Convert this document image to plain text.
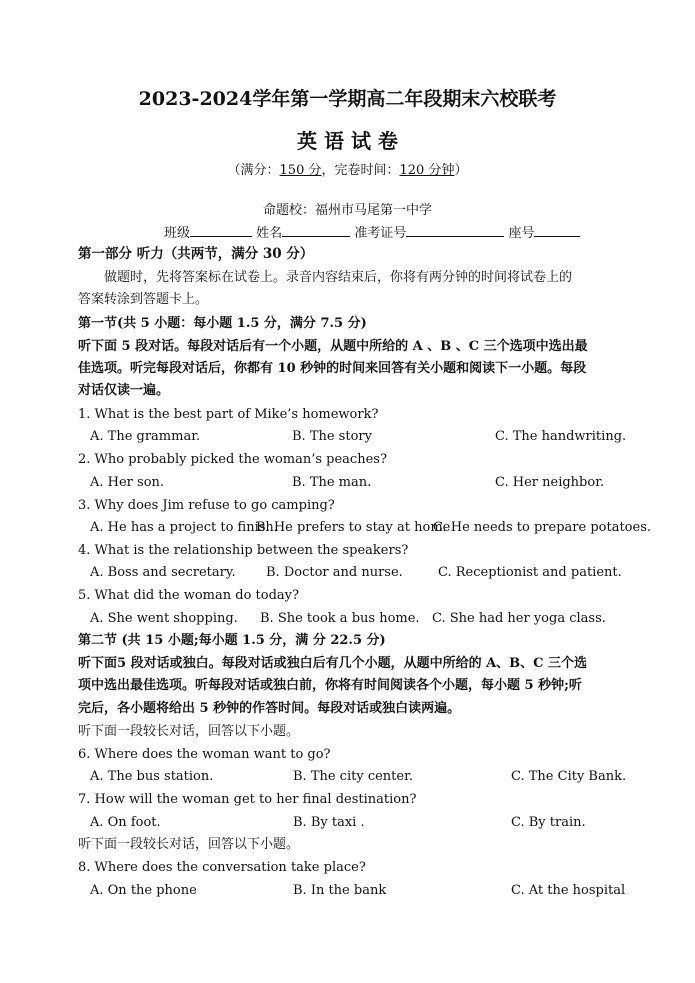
2023-2024学年第一学期高二年段期末六校联考
英 语 试 卷
（满分：150 分，完卷时间：120 分钟）
命题校：福州市马尾第一中学
班级	姓名	准考证号	座号
第一部分 听力（共两节，满分 30 分）
做题时，先将答案标在试卷上。录音内容结束后，你将有两分钟的时间将试卷上的
答案转涂到答题卡上。
第一节(共 5 小题：每小题 1.5 分，满分 7.5 分)
听下面 5 段对话。每段对话后有一个小题，从题中所给的 A 、B 、C 三个选项中选出最
佳选项。听完每段对话后，你都有 10 秒钟的时间来回答有关小题和阅读下一小题。每段
对话仅读一遍。
1. What is the best part of Mike’s homework?
A. The grammar.	B. The story	C. The handwriting.
2. Who probably picked the woman’s peaches?
A. Her son.	B. The man.	C. Her neighbor.
3. Why does Jim refuse to go camping?
A. He has a project to finish.
B. He prefers to stay at home
C. He needs to prepare potatoes.
4. What is the relationship between the speakers?
A. Boss and secretary. B. Doctor and nurse.	C. Receptionist and patient.
5. What did the woman do today?
A. She went shopping. B. She took a bus home. C. She had her yoga class.
第二节 (共 15 小题;每小题 1.5 分，满 分 22.5 分)
听下面5 段对话或独白。每段对话或独白后有几个小题，从题中所给的 A、B、C 三个选
项中选出最佳选项。听每段对话或独白前，你将有时间阅读各个小题，每小题 5 秒钟;听
完后，各小题将给出 5 秒钟的作答时间。每段对话或独白读两遍。
听下面一段较长对话，回答以下小题。
6. Where does the woman want to go?
A. The bus station.	B. The city center.	C. The City Bank.
7. How will the woman get to her final destination?
A. On foot.	B. By taxi .	C. By train.
听下面一段较长对话，回答以下小题。
8. Where does the conversation take place?
A. On the phone	B. In the bank	C. At the hospital
